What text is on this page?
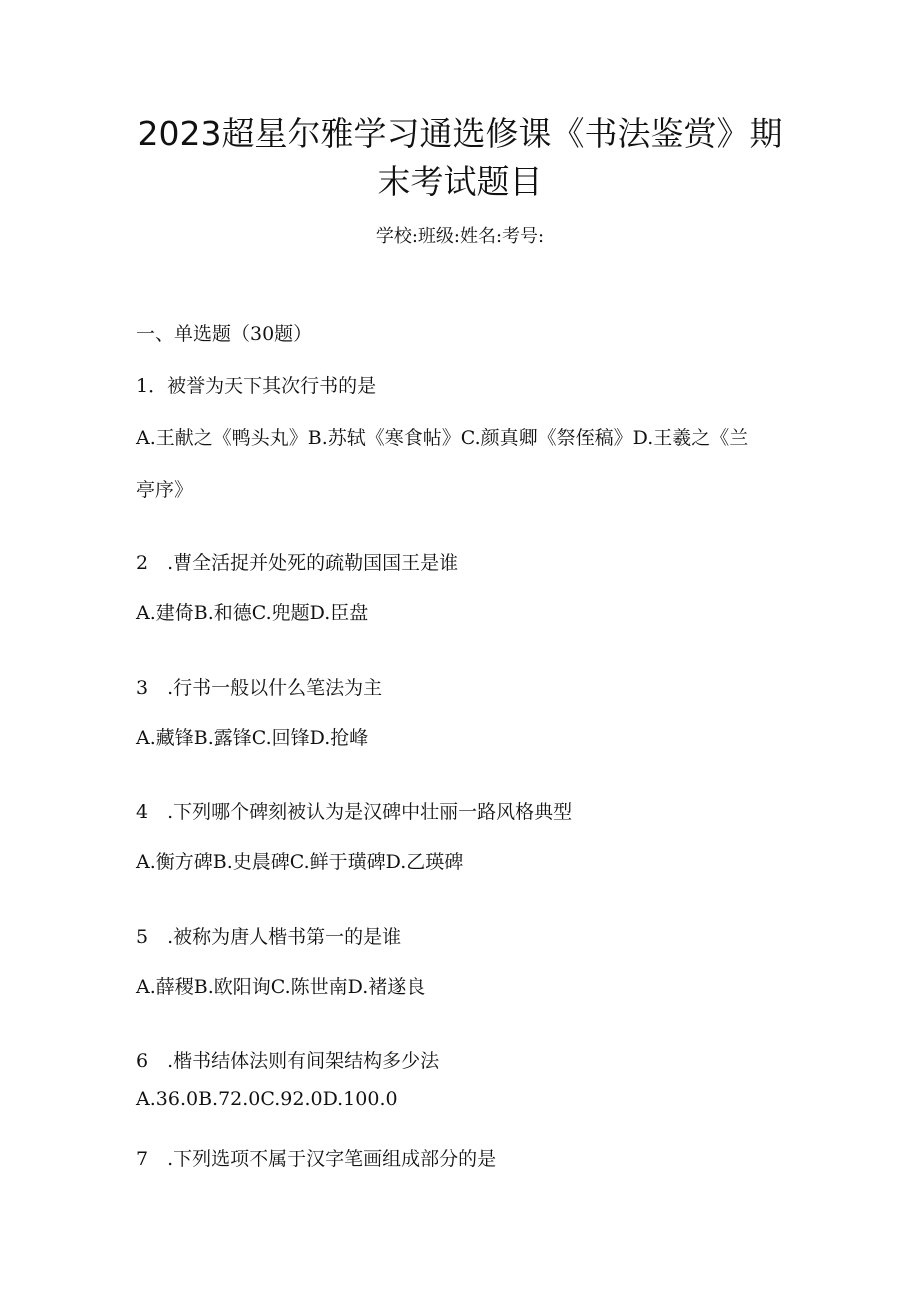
2023超星尔雅学习通选修课《书法鉴赏》期
末考试题目
学校:班级:姓名:考号:
一、单选题（30题）
1．被誉为天下其次行书的是
A.王献之《鸭头丸》B.苏轼《寒食帖》C.颜真卿《祭侄稿》D.王羲之《兰
亭序》
2　.曹全活捉并处死的疏勒国国王是谁
A.建倚B.和德C.兜题D.臣盘
3　.行书一般以什么笔法为主
A.藏锋B.露锋C.回锋D.抢峰
4　.下列哪个碑刻被认为是汉碑中壮丽一路风格典型
A.衡方碑B.史晨碑C.鲜于璜碑D.乙瑛碑
5　.被称为唐人楷书第一的是谁
A.薛稷B.欧阳询C.陈世南D.褚遂良
6　.楷书结体法则有间架结构多少法
A.36.0B.72.0C.92.0D.100.0
7　.下列选项不属于汉字笔画组成部分的是
